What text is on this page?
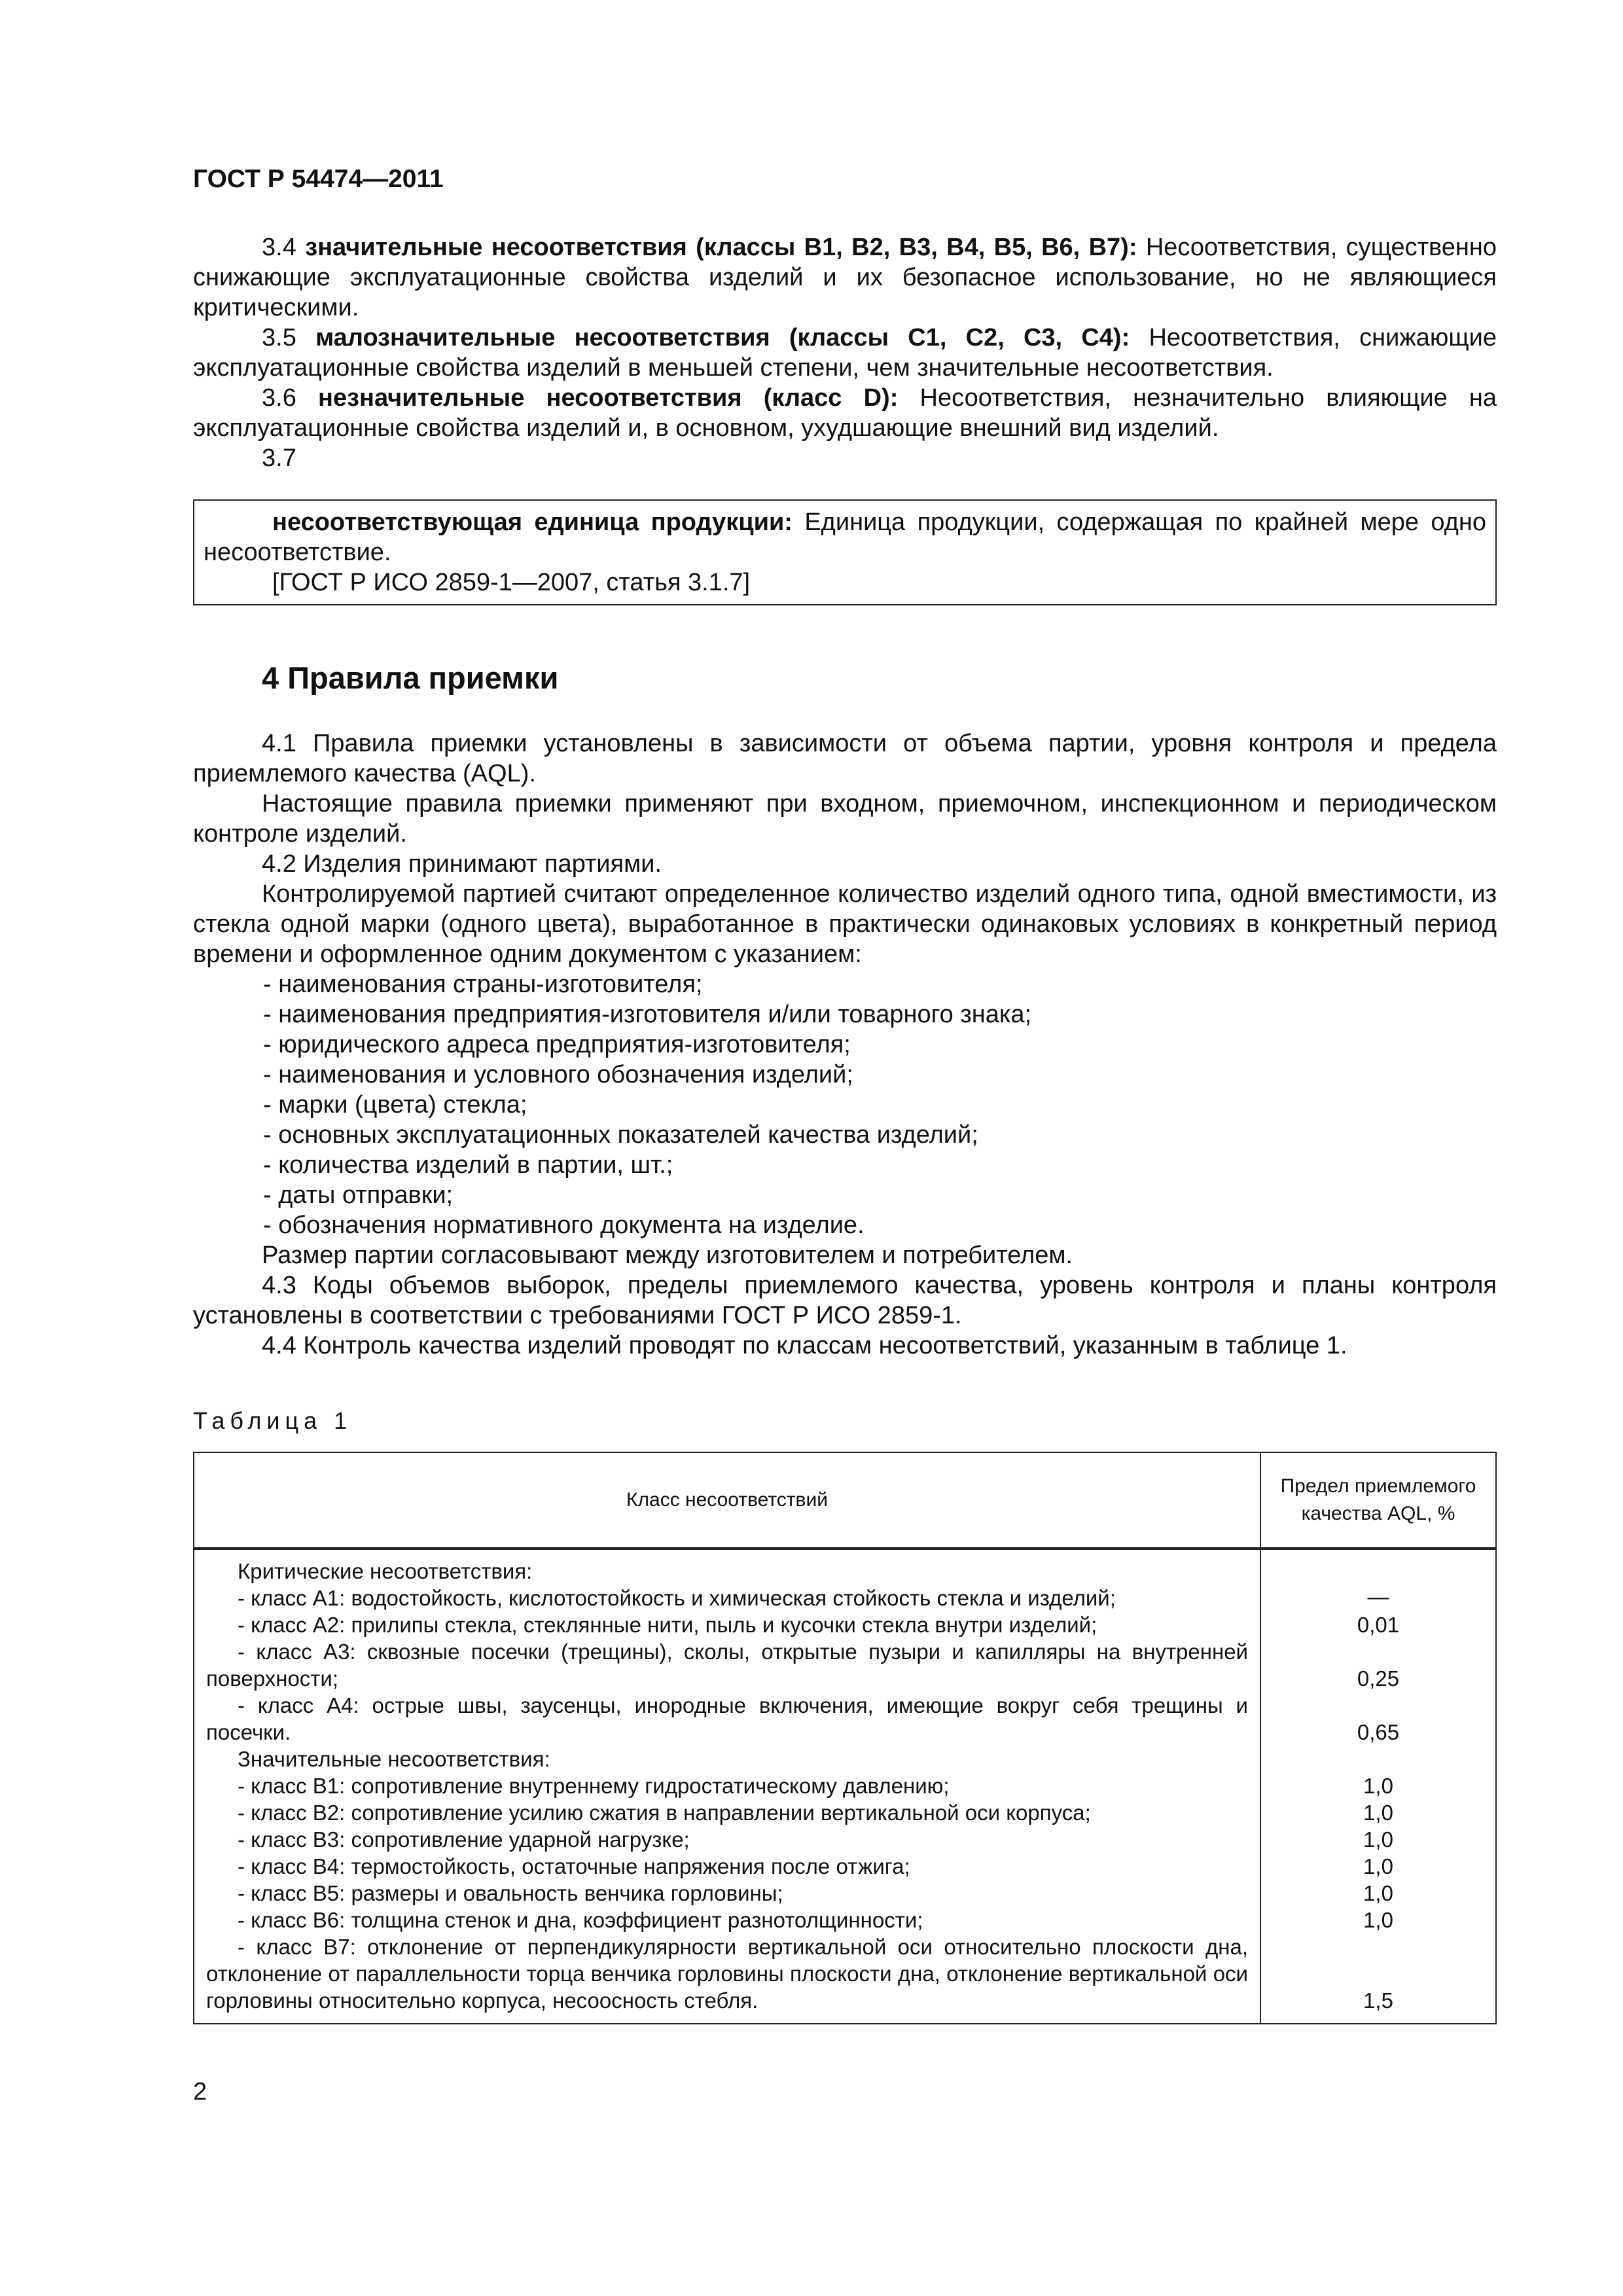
ГОСТ Р 54474—2011

3.4 значительные несоответствия (классы В1, В2, В3, В4, В5, В6, В7): Несоответствия, существенно снижающие эксплуатационные свойства изделий и их безопасное использование, но не являющиеся критическими.

3.5 малозначительные несоответствия (классы С1, С2, С3, С4): Несоответствия, снижающие эксплуатационные свойства изделий в меньшей степени, чем значительные несоответствия.

3.6 незначительные несоответствия (класс D): Несоответствия, незначительно влияющие на эксплуатационные свойства изделий и, в основном, ухудшающие внешний вид изделий.

3.7

несоответствующая единица продукции: Единица продукции, содержащая по крайней мере одно несоответствие.

[ГОСТ Р ИСО 2859-1—2007, статья 3.1.7]

4 Правила приемки

4.1 Правила приемки установлены в зависимости от объема партии, уровня контроля и предела приемлемого качества (AQL).

Настоящие правила приемки применяют при входном, приемочном, инспекционном и периодическом контроле изделий.

4.2 Изделия принимают партиями.

Контролируемой партией считают определенное количество изделий одного типа, одной вместимости, из стекла одной марки (одного цвета), выработанное в практически одинаковых условиях в конкретный период времени и оформленное одним документом с указанием:

- наименования страны-изготовителя;
- наименования предприятия-изготовителя и/или товарного знака;
- юридического адреса предприятия-изготовителя;
- наименования и условного обозначения изделий;
- марки (цвета) стекла;
- основных эксплуатационных показателей качества изделий;
- количества изделий в партии, шт.;
- даты отправки;
- обозначения нормативного документа на изделие.

Размер партии согласовывают между изготовителем и потребителем.

4.3 Коды объемов выборок, пределы приемлемого качества, уровень контроля и планы контроля установлены в соответствии с требованиями ГОСТ Р ИСО 2859-1.

4.4 Контроль качества изделий проводят по классам несоответствий, указанным в таблице 1.

Таблица 1
Класс несоответствий
Предел приемлемого качества AQL, %

Критические несоответствия:

- класс А1: водостойкость, кислотостойкость и химическая стойкость стекла и изделий;

- класс А2: прилипы стекла, стеклянные нити, пыль и кусочки стекла внутри изделий;

- класс А3: сквозные посечки (трещины), сколы, открытые пузыри и капилляры на внутренней поверхности;

- класс А4: острые швы, заусенцы, инородные включения, имеющие вокруг себя трещины и посечки.

Значительные несоответствия:

- класс В1: сопротивление внутреннему гидростатическому давлению;

- класс В2: сопротивление усилию сжатия в направлении вертикальной оси корпуса;

- класс В3: сопротивление ударной нагрузке;

- класс В4: термостойкость, остаточные напряжения после отжига;

- класс В5: размеры и овальность венчика горловины;

- класс В6: толщина стенок и дна, коэффициент разнотолщинности;

- класс В7: отклонение от перпендикулярности вертикальной оси относительно плоскости дна, отклонение от параллельности торца венчика горловины плоскости дна, отклонение вертикальной оси горловины относительно корпуса, несоосность стебля.

—
0,01
0,25
0,65
1,0
1,0
1,0
1,0
1,0
1,0
1,5
2
